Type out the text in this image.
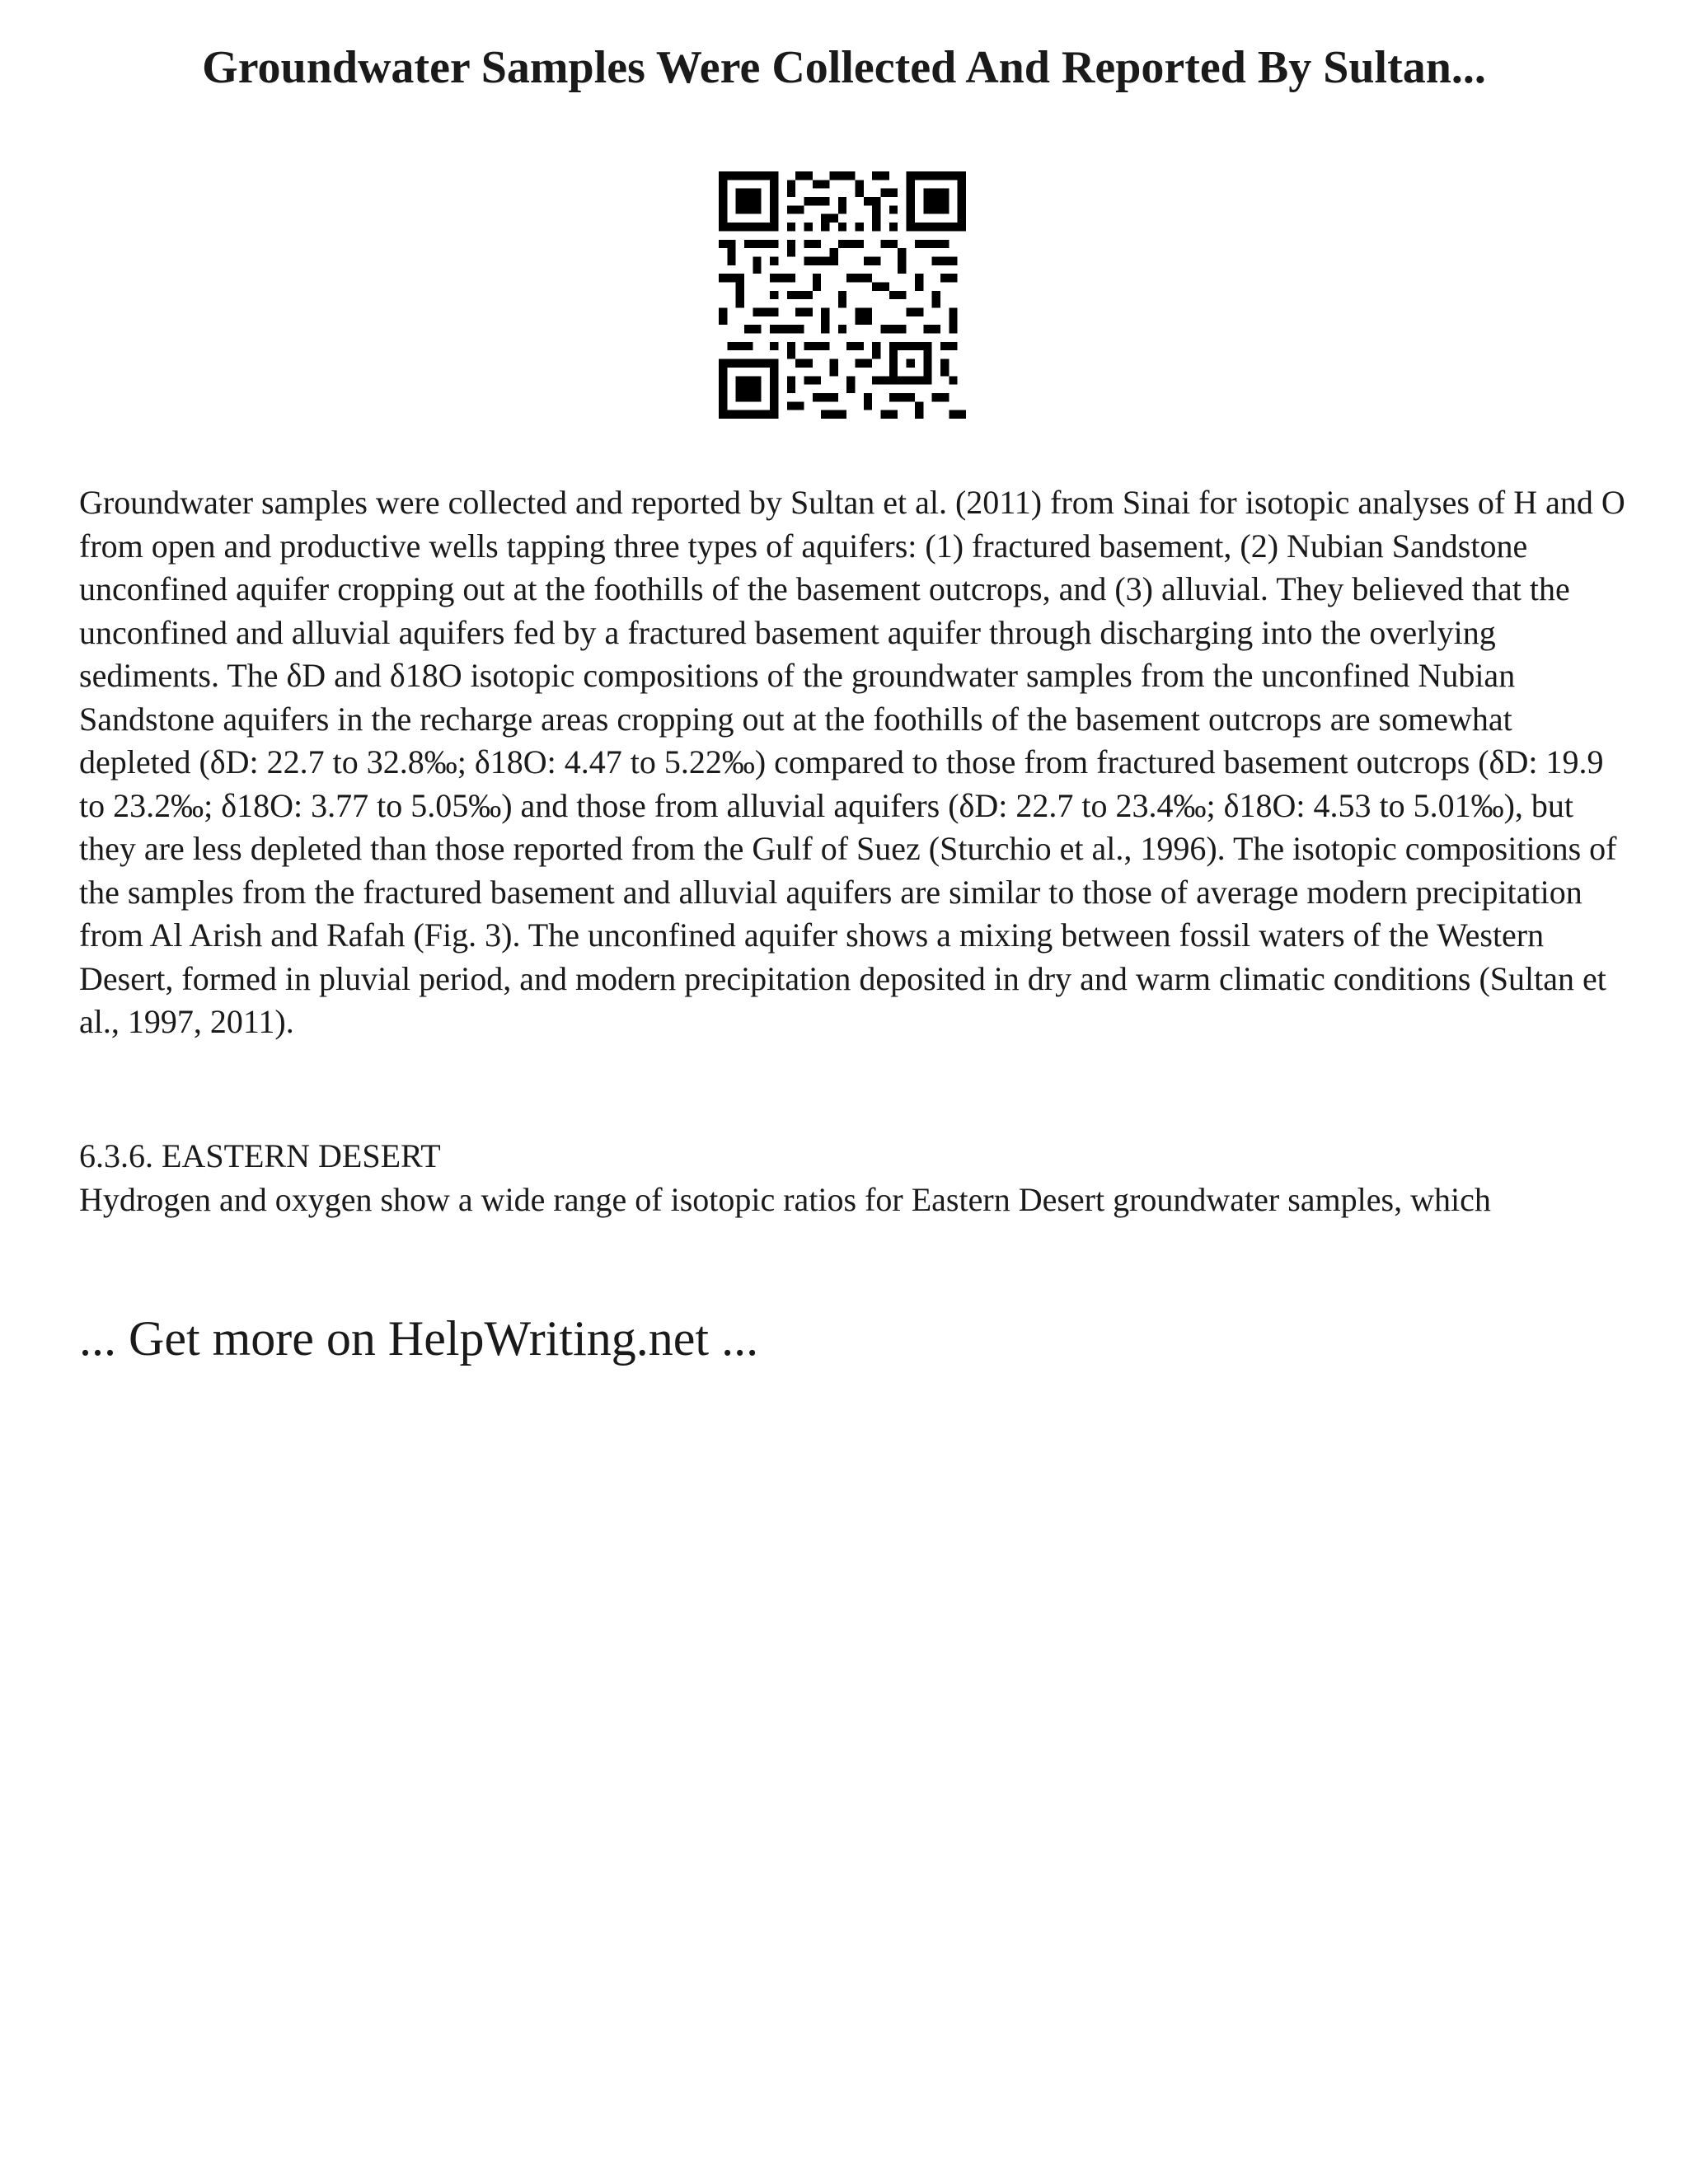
Groundwater Samples Were Collected And Reported By Sultan...

Groundwater samples were collected and reported by Sultan et al. (2011) from Sinai for isotopic analyses of H and O from open and productive wells tapping three types of aquifers: (1) fractured basement, (2) Nubian Sandstone unconfined aquifer cropping out at the foothills of the basement outcrops, and (3) alluvial. They believed that the unconfined and alluvial aquifers fed by a fractured basement aquifer through discharging into the overlying sediments. The δD and δ18O isotopic compositions of the groundwater samples from the unconfined Nubian Sandstone aquifers in the recharge areas cropping out at the foothills of the basement outcrops are somewhat depleted (δD: 22.7 to 32.8‰; δ18O: 4.47 to 5.22‰) compared to those from fractured basement outcrops (δD: 19.9 to 23.2‰; δ18O: 3.77 to 5.05‰) and those from alluvial aquifers (δD: 22.7 to 23.4‰; δ18O: 4.53 to 5.01‰), but they are less depleted than those reported from the Gulf of Suez (Sturchio et al., 1996). The isotopic compositions of the samples from the fractured basement and alluvial aquifers are similar to those of average modern precipitation from Al Arish and Rafah (Fig. 3). The unconfined aquifer shows a mixing between fossil waters of the Western Desert, formed in pluvial period, and modern precipitation deposited in dry and warm climatic conditions (Sultan et al., 1997, 2011).

6.3.6. EASTERN DESERT

Hydrogen and oxygen show a wide range of isotopic ratios for Eastern Desert groundwater samples, which

... Get more on HelpWriting.net ...
